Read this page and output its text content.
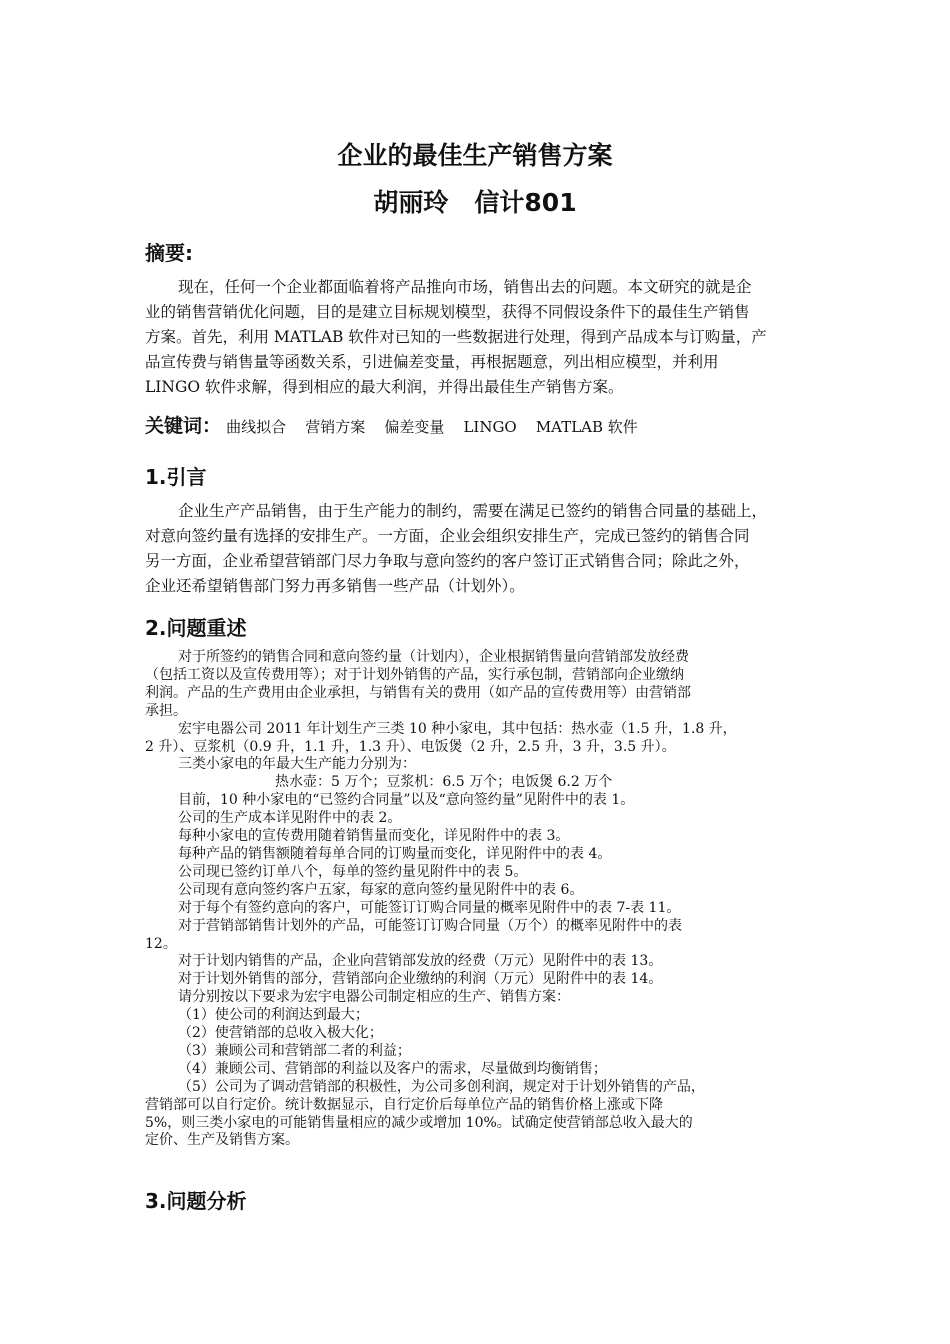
企业的最佳生产销售方案
胡丽玲 信计801
摘要:
现在，任何一个企业都面临着将产品推向市场，销售出去的问题。本文研究的就是企
业的销售营销优化问题，目的是建立目标规划模型，获得不同假设条件下的最佳生产销售
方案。首先，利用 MATLAB 软件对已知的一些数据进行处理，得到产品成本与订购量，产
品宣传费与销售量等函数关系，引进偏差变量，再根据题意，列出相应模型，并利用
LINGO 软件求解，得到相应的最大利润，并得出最佳生产销售方案。
关键词： 曲线拟合 营销方案 偏差变量 LINGO MATLAB 软件
1.引言
企业生产产品销售，由于生产能力的制约，需要在满足已签约的销售合同量的基础上，
对意向签约量有选择的安排生产。一方面，企业会组织安排生产，完成已签约的销售合同
另一方面，企业希望营销部门尽力争取与意向签约的客户签订正式销售合同；除此之外，
企业还希望销售部门努力再多销售一些产品（计划外）。
2.问题重述
对于所签约的销售合同和意向签约量（计划内），企业根据销售量向营销部发放经费
（包括工资以及宣传费用等）；对于计划外销售的产品，实行承包制，营销部向企业缴纳
利润。产品的生产费用由企业承担，与销售有关的费用（如产品的宣传费用等）由营销部
承担。
宏宇电器公司 2011 年计划生产三类 10 种小家电，其中包括：热水壶（1.5 升，1.8 升，
2 升）、豆浆机（0.9 升，1.1 升，1.3 升）、电饭煲（2 升，2.5 升，3 升，3.5 升）。
三类小家电的年最大生产能力分别为：
热水壶：5 万个；豆浆机：6.5 万个；电饭煲 6.2 万个
目前，10 种小家电的“已签约合同量”以及“意向签约量”见附件中的表 1。
公司的生产成本详见附件中的表 2。
每种小家电的宣传费用随着销售量而变化，详见附件中的表 3。
每种产品的销售额随着每单合同的订购量而变化，详见附件中的表 4。
公司现已签约订单八个，每单的签约量见附件中的表 5。
公司现有意向签约客户五家，每家的意向签约量见附件中的表 6。
对于每个有签约意向的客户，可能签订订购合同量的概率见附件中的表 7-表 11。
对于营销部销售计划外的产品，可能签订订购合同量（万个）的概率见附件中的表
12。
对于计划内销售的产品，企业向营销部发放的经费（万元）见附件中的表 13。
对于计划外销售的部分，营销部向企业缴纳的利润（万元）见附件中的表 14。
请分别按以下要求为宏宇电器公司制定相应的生产、销售方案：
（1）使公司的利润达到最大；
（2）使营销部的总收入极大化；
（3）兼顾公司和营销部二者的利益；
（4）兼顾公司、营销部的利益以及客户的需求，尽量做到均衡销售；
（5）公司为了调动营销部的积极性，为公司多创利润，规定对于计划外销售的产品，
营销部可以自行定价。统计数据显示，自行定价后每单位产品的销售价格上涨或下降
5%，则三类小家电的可能销售量相应的减少或增加 10%。试确定使营销部总收入最大的
定价、生产及销售方案。
3.问题分析
